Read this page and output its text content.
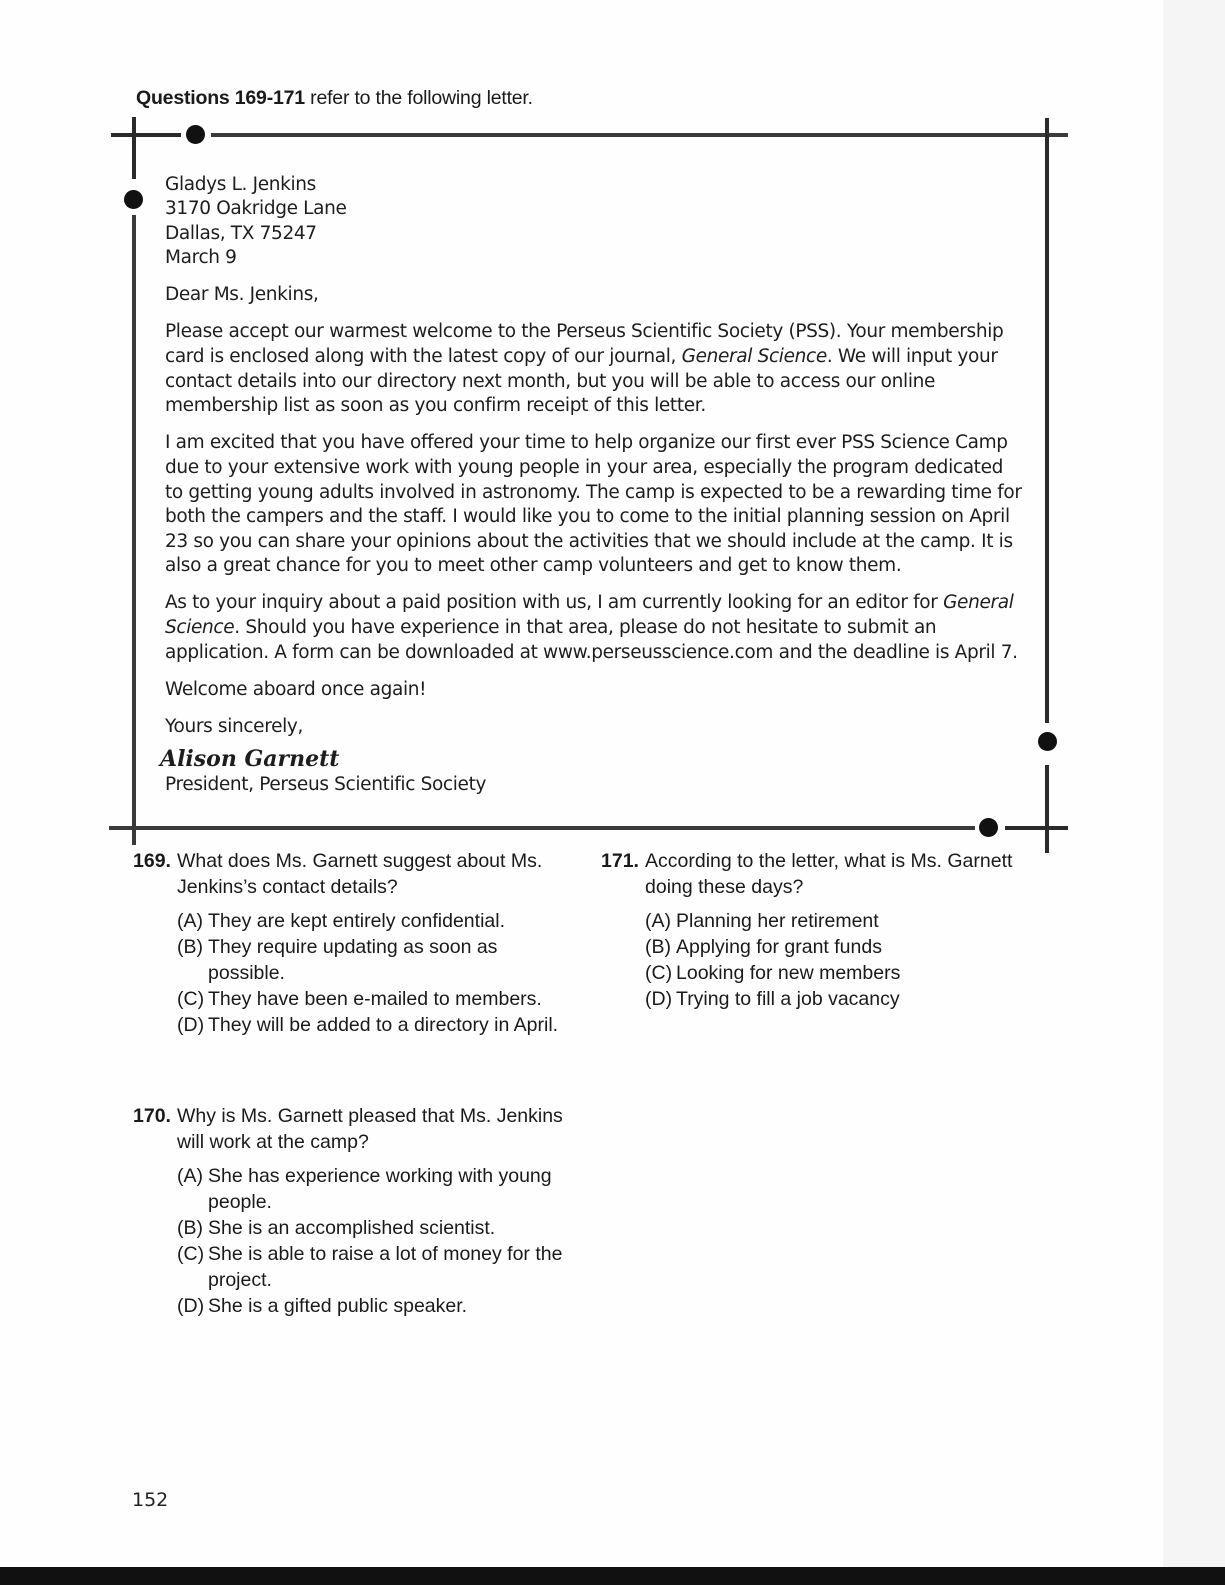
Questions 169-171 refer to the following letter.

Gladys L. Jenkins
3170 Oakridge Lane
Dallas, TX 75247
March 9

Dear Ms. Jenkins,

Please accept our warmest welcome to the Perseus Scientific Society (PSS). Your membership card is enclosed along with the latest copy of our journal, General Science. We will input your contact details into our directory next month, but you will be able to access our online membership list as soon as you confirm receipt of this letter.

I am excited that you have offered your time to help organize our first ever PSS Science Camp due to your extensive work with young people in your area, especially the program dedicated to getting young adults involved in astronomy. The camp is expected to be a rewarding time for both the campers and the staff. I would like you to come to the initial planning session on April 23 so you can share your opinions about the activities that we should include at the camp. It is also a great chance for you to meet other camp volunteers and get to know them.

As to your inquiry about a paid position with us, I am currently looking for an editor for General Science. Should you have experience in that area, please do not hesitate to submit an application. A form can be downloaded at www.perseusscience.com and the deadline is April 7.

Welcome aboard once again!

Yours sincerely,

Alison Garnett
President, Perseus Scientific Society
169. What does Ms. Garnett suggest about Ms. Jenkins’s contact details?
(A) They are kept entirely confidential.
(B) They require updating as soon as possible.
(C) They have been e-mailed to members.
(D) They will be added to a directory in April.
170. Why is Ms. Garnett pleased that Ms. Jenkins will work at the camp?
(A) She has experience working with young people.
(B) She is an accomplished scientist.
(C) She is able to raise a lot of money for the project.
(D) She is a gifted public speaker.
171. According to the letter, what is Ms. Garnett doing these days?
(A) Planning her retirement
(B) Applying for grant funds
(C) Looking for new members
(D) Trying to fill a job vacancy
152
